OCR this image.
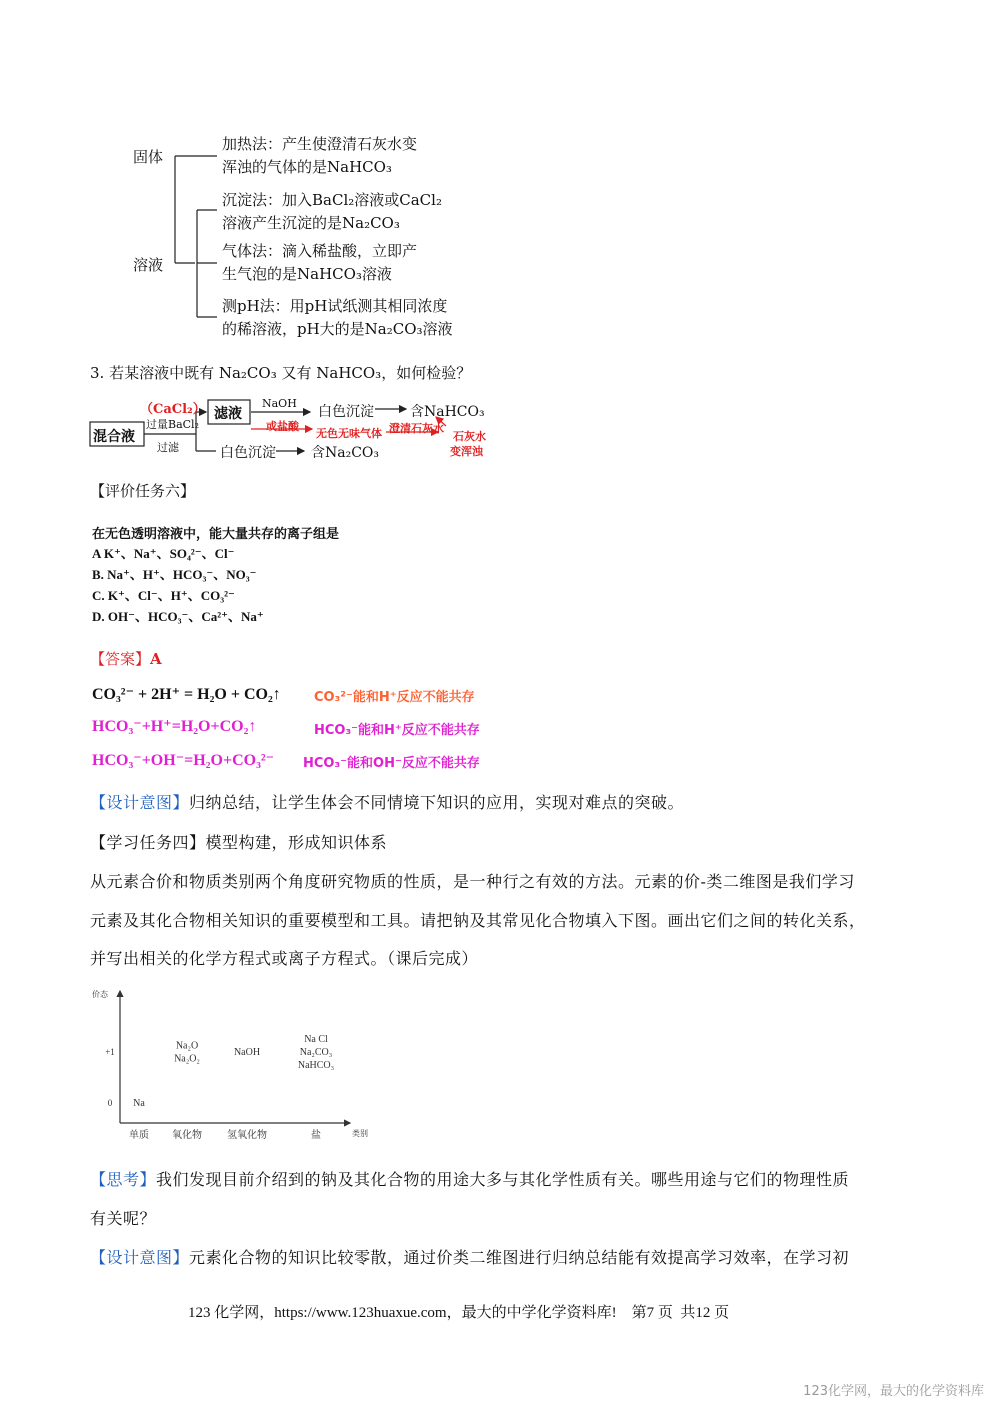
固体
溶液
加热法：产生使澄清石灰水变
浑浊的气体的是NaHCO₃
沉淀法：加入BaCl₂溶液或CaCl₂
溶液产生沉淀的是Na₂CO₃
气体法：滴入稀盐酸，立即产
生气泡的是NaHCO₃溶液
测pH法：用pH试纸测其相同浓度
的稀溶液，pH大的是Na₂CO₃溶液
3. 若某溶液中既有 Na₂CO₃ 又有 NaHCO₃，如何检验？
混合液
（CaCl₂）
过量BaCl₂
过滤
滤液
NaOH
白色沉淀	含NaHCO₃
或盐酸
无色无味气体 澄清石灰水
石灰水
变浑浊
白色沉淀	含Na₂CO₃
【评价任务六】
在无色透明溶液中，能大量共存的离子组是
A K⁺、Na⁺、SO₄²⁻、Cl⁻
B. Na⁺、H⁺、HCO₃⁻、NO₃⁻
C. K⁺、Cl⁻、H⁺、CO₃²⁻
D. OH⁻、HCO₃⁻、Ca²⁺、Na⁺
【答案】A
CO₃²⁻ + 2H⁺ = H₂O + CO₂↑	CO₃²⁻能和H⁺反应不能共存
HCO₃⁻+H⁺=H₂O+CO₂↑	HCO₃⁻能和H⁺反应不能共存
HCO₃⁻+OH⁻=H₂O+CO₃²⁻ HCO₃⁻能和OH⁻反应不能共存
【设计意图】归纳总结，让学生体会不同情境下知识的应用，实现对难点的突破。
【学习任务四】模型构建，形成知识体系
从元素合价和物质类别两个角度研究物质的性质，是一种行之有效的方法。元素的价-类二维图是我们学习
元素及其化合物相关知识的重要模型和工具。请把钠及其常见化合物填入下图。画出它们之间的转化关系，
并写出相关的化学方程式或离子方程式。（课后完成）
价态
类别
0
+1
单质 氧化物	氢氧化物	盐
Na
Na₂O
Na₂O₂
NaOH
Na Cl
Na₂CO₃
NaHCO₃
【思考】我们发现目前介绍到的钠及其化合物的用途大多与其化学性质有关。哪些用途与它们的物理性质
有关呢？
【设计意图】元素化合物的知识比较零散，通过价类二维图进行归纳总结能有效提高学习效率，在学习初
123 化学网，https://www.123huaxue.com，最大的中学化学资料库!    第7 页  共12 页
123化学网，最大的化学资料库
